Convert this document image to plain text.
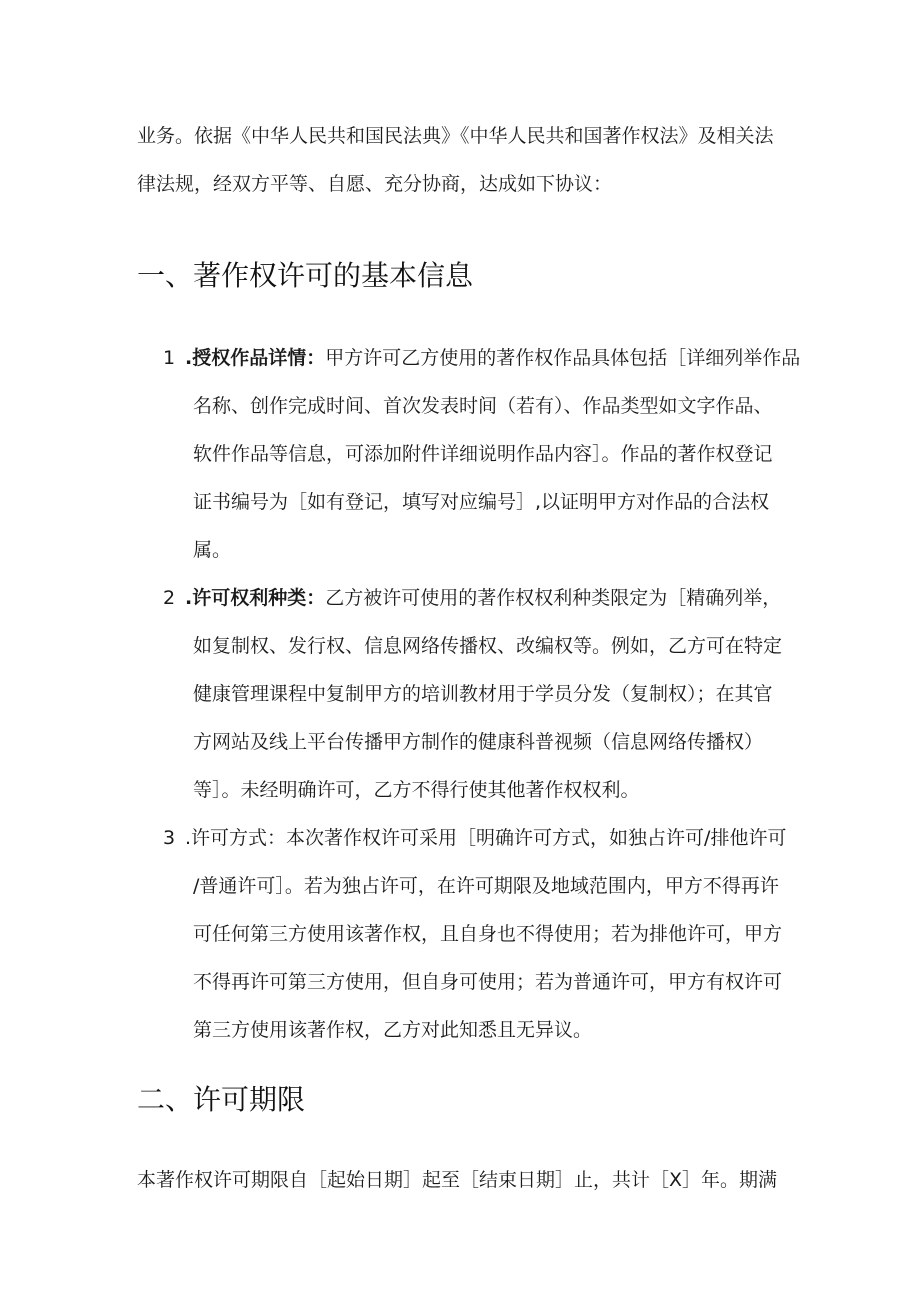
业务。依据《中华人民共和国民法典》《中华人民共和国著作权法》及相关法
律法规，经双方平等、自愿、充分协商，达成如下协议：
一、著作权许可的基本信息
1 .授权作品详情：甲方许可乙方使用的著作权作品具体包括［详细列举作品
名称、创作完成时间、首次发表时间（若有）、作品类型如文字作品、
软件作品等信息，可添加附件详细说明作品内容］。作品的著作权登记
证书编号为［如有登记，填写对应编号］,以证明甲方对作品的合法权
属。
2 .许可权利种类：乙方被许可使用的著作权权利种类限定为［精确列举，
如复制权、发行权、信息网络传播权、改编权等。例如，乙方可在特定
健康管理课程中复制甲方的培训教材用于学员分发（复制权）；在其官
方网站及线上平台传播甲方制作的健康科普视频（信息网络传播权）
等］。未经明确许可，乙方不得行使其他著作权权利。
3 .许可方式：本次著作权许可采用［明确许可方式，如独占许可/排他许可
/普通许可］。若为独占许可，在许可期限及地域范围内，甲方不得再许
可任何第三方使用该著作权，且自身也不得使用；若为排他许可，甲方
不得再许可第三方使用，但自身可使用；若为普通许可，甲方有权许可
第三方使用该著作权，乙方对此知悉且无异议。
二、许可期限
本著作权许可期限自［起始日期］起至［结束日期］止，共计［X］年。期满
